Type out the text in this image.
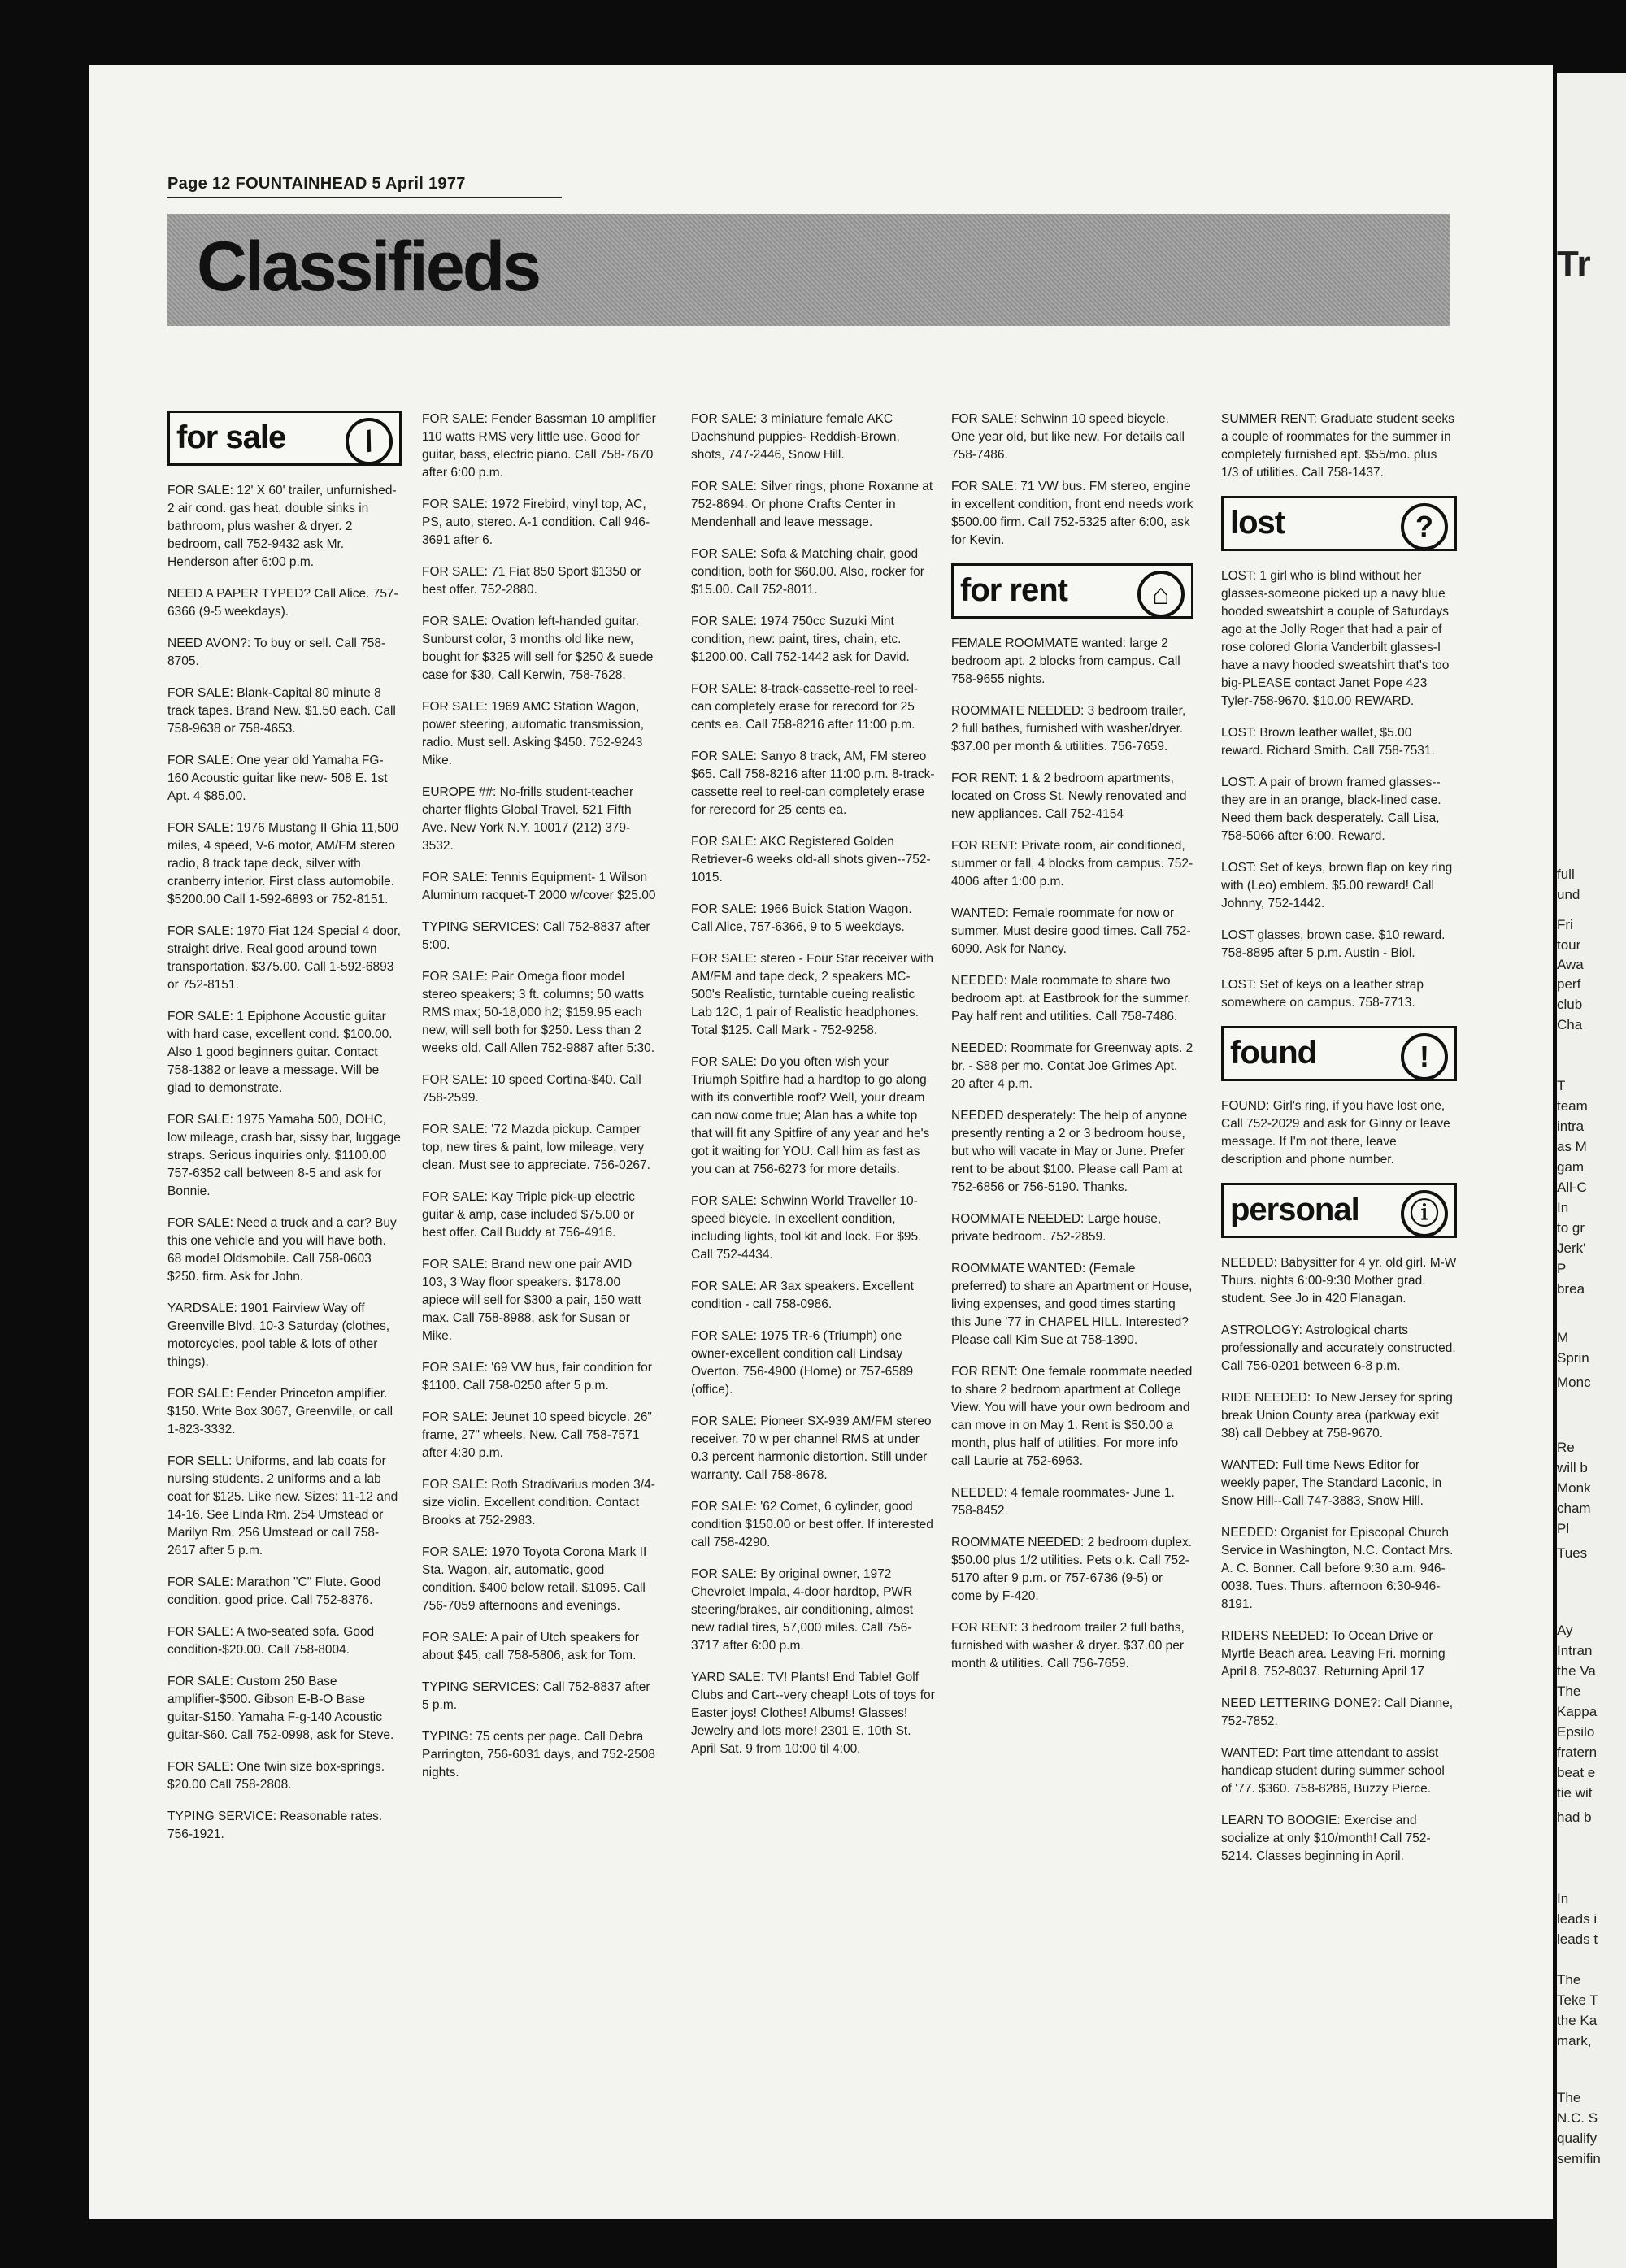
Page 12 FOUNTAINHEAD 5 April 1977
Classifieds
for sale	/

FOR SALE: 12' X 60' trailer, unfurnished- 2 air cond. gas heat, double sinks in bathroom, plus washer & dryer. 2 bedroom, call 752-9432 ask Mr. Henderson after 6:00 p.m.

NEED A PAPER TYPED? Call Alice. 757-6366 (9-5 weekdays).

NEED AVON?: To buy or sell. Call 758-8705.

FOR SALE: Blank-Capital 80 minute 8 track tapes. Brand New. $1.50 each. Call 758-9638 or 758-4653.

FOR SALE: One year old Yamaha FG-160 Acoustic guitar like new- 508 E. 1st Apt. 4 $85.00.

FOR SALE: 1976 Mustang II Ghia 11,500 miles, 4 speed, V-6 motor, AM/FM stereo radio, 8 track tape deck, silver with cranberry interior. First class automobile. $5200.00 Call 1-592-6893 or 752-8151.

FOR SALE: 1970 Fiat 124 Special 4 door, straight drive. Real good around town transportation. $375.00. Call 1-592-6893 or 752-8151.

FOR SALE: 1 Epiphone Acoustic guitar with hard case, excellent cond. $100.00. Also 1 good beginners guitar. Contact 758-1382 or leave a message. Will be glad to demonstrate.

FOR SALE: 1975 Yamaha 500, DOHC, low mileage, crash bar, sissy bar, luggage straps. Serious inquiries only. $1100.00 757-6352 call between 8-5 and ask for Bonnie.

FOR SALE: Need a truck and a car? Buy this one vehicle and you will have both. 68 model Oldsmobile. Call 758-0603 $250. firm. Ask for John.

YARDSALE: 1901 Fairview Way off Greenville Blvd. 10-3 Saturday (clothes, motorcycles, pool table & lots of other things).

FOR SALE: Fender Princeton amplifier. $150. Write Box 3067, Greenville, or call 1-823-3332.

FOR SELL: Uniforms, and lab coats for nursing students. 2 uniforms and a lab coat for $125. Like new. Sizes: 11-12 and 14-16. See Linda Rm. 254 Umstead or Marilyn Rm. 256 Umstead or call 758-2617 after 5 p.m.

FOR SALE: Marathon "C" Flute. Good condition, good price. Call 752-8376.

FOR SALE: A two-seated sofa. Good condition-$20.00. Call 758-8004.

FOR SALE: Custom 250 Base amplifier-$500. Gibson E-B-O Base guitar-$150. Yamaha F-g-140 Acoustic guitar-$60. Call 752-0998, ask for Steve.

FOR SALE: One twin size box-springs. $20.00 Call 758-2808.

TYPING SERVICE: Reasonable rates. 756-1921.

FOR SALE: Fender Bassman 10 amplifier 110 watts RMS very little use. Good for guitar, bass, electric piano. Call 758-7670 after 6:00 p.m.

FOR SALE: 1972 Firebird, vinyl top, AC, PS, auto, stereo. A-1 condition. Call 946-3691 after 6.

FOR SALE: 71 Fiat 850 Sport $1350 or best offer. 752-2880.

FOR SALE: Ovation left-handed guitar. Sunburst color, 3 months old like new, bought for $325 will sell for $250 & suede case for $30. Call Kerwin, 758-7628.

FOR SALE: 1969 AMC Station Wagon, power steering, automatic transmission, radio. Must sell. Asking $450. 752-9243 Mike.

EUROPE ##: No-frills student-teacher charter flights Global Travel. 521 Fifth Ave. New York N.Y. 10017 (212) 379-3532.

FOR SALE: Tennis Equipment- 1 Wilson Aluminum racquet-T 2000 w/cover $25.00

TYPING SERVICES: Call 752-8837 after 5:00.

FOR SALE: Pair Omega floor model stereo speakers; 3 ft. columns; 50 watts RMS max; 50-18,000 h2; $159.95 each new, will sell both for $250. Less than 2 weeks old. Call Allen 752-9887 after 5:30.

FOR SALE: 10 speed Cortina-$40. Call 758-2599.

FOR SALE: '72 Mazda pickup. Camper top, new tires & paint, low mileage, very clean. Must see to appreciate. 756-0267.

FOR SALE: Kay Triple pick-up electric guitar & amp, case included $75.00 or best offer. Call Buddy at 756-4916.

FOR SALE: Brand new one pair AVID 103, 3 Way floor speakers. $178.00 apiece will sell for $300 a pair, 150 watt max. Call 758-8988, ask for Susan or Mike.

FOR SALE: '69 VW bus, fair condition for $1100. Call 758-0250 after 5 p.m.

FOR SALE: Jeunet 10 speed bicycle. 26" frame, 27" wheels. New. Call 758-7571 after 4:30 p.m.

FOR SALE: Roth Stradivarius moden 3/4-size violin. Excellent condition. Contact Brooks at 752-2983.

FOR SALE: 1970 Toyota Corona Mark II Sta. Wagon, air, automatic, good condition. $400 below retail. $1095. Call 756-7059 afternoons and evenings.

FOR SALE: A pair of Utch speakers for about $45, call 758-5806, ask for Tom.

TYPING SERVICES: Call 752-8837 after 5 p.m.

TYPING: 75 cents per page. Call Debra Parrington, 756-6031 days, and 752-2508 nights.

FOR SALE: 3 miniature female AKC Dachshund puppies- Reddish-Brown, shots, 747-2446, Snow Hill.

FOR SALE: Silver rings, phone Roxanne at 752-8694. Or phone Crafts Center in Mendenhall and leave message.

FOR SALE: Sofa & Matching chair, good condition, both for $60.00. Also, rocker for $15.00. Call 752-8011.

FOR SALE: 1974 750cc Suzuki Mint condition, new: paint, tires, chain, etc. $1200.00. Call 752-1442 ask for David.

FOR SALE: 8-track-cassette-reel to reel-can completely erase for rerecord for 25 cents ea. Call 758-8216 after 11:00 p.m.

FOR SALE: Sanyo 8 track, AM, FM stereo $65. Call 758-8216 after 11:00 p.m. 8-track-cassette reel to reel-can completely erase for rerecord for 25 cents ea.

FOR SALE: AKC Registered Golden Retriever-6 weeks old-all shots given--752-1015.

FOR SALE: 1966 Buick Station Wagon. Call Alice, 757-6366, 9 to 5 weekdays.

FOR SALE: stereo - Four Star receiver with AM/FM and tape deck, 2 speakers MC-500's Realistic, turntable cueing realistic Lab 12C, 1 pair of Realistic headphones. Total $125. Call Mark - 752-9258.

FOR SALE: Do you often wish your Triumph Spitfire had a hardtop to go along with its convertible roof? Well, your dream can now come true; Alan has a white top that will fit any Spitfire of any year and he's got it waiting for YOU. Call him as fast as you can at 756-6273 for more details.

FOR SALE: Schwinn World Traveller 10-speed bicycle. In excellent condition, including lights, tool kit and lock. For $95. Call 752-4434.

FOR SALE: AR 3ax speakers. Excellent condition - call 758-0986.

FOR SALE: 1975 TR-6 (Triumph) one owner-excellent condition call Lindsay Overton. 756-4900 (Home) or 757-6589 (office).

FOR SALE: Pioneer SX-939 AM/FM stereo receiver. 70 w per channel RMS at under 0.3 percent harmonic distortion. Still under warranty. Call 758-8678.

FOR SALE: '62 Comet, 6 cylinder, good condition $150.00 or best offer. If interested call 758-4290.

FOR SALE: By original owner, 1972 Chevrolet Impala, 4-door hardtop, PWR steering/brakes, air conditioning, almost new radial tires, 57,000 miles. Call 756-3717 after 6:00 p.m.

YARD SALE: TV! Plants! End Table! Golf Clubs and Cart--very cheap! Lots of toys for Easter joys! Clothes! Albums! Glasses! Jewelry and lots more! 2301 E. 10th St. April Sat. 9 from 10:00 til 4:00.

FOR SALE: Schwinn 10 speed bicycle. One year old, but like new. For details call 758-7486.

FOR SALE: 71 VW bus. FM stereo, engine in excellent condition, front end needs work $500.00 firm. Call 752-5325 after 6:00, ask for Kevin.

for rent	⌂

FEMALE ROOMMATE wanted: large 2 bedroom apt. 2 blocks from campus. Call 758-9655 nights.

ROOMMATE NEEDED: 3 bedroom trailer, 2 full bathes, furnished with washer/dryer. $37.00 per month & utilities. 756-7659.

FOR RENT: 1 & 2 bedroom apartments, located on Cross St. Newly renovated and new appliances. Call 752-4154

FOR RENT: Private room, air conditioned, summer or fall, 4 blocks from campus. 752-4006 after 1:00 p.m.

WANTED: Female roommate for now or summer. Must desire good times. Call 752-6090. Ask for Nancy.

NEEDED: Male roommate to share two bedroom apt. at Eastbrook for the summer. Pay half rent and utilities. Call 758-7486.

NEEDED: Roommate for Greenway apts. 2 br. - $88 per mo. Contat Joe Grimes Apt. 20 after 4 p.m.

NEEDED desperately: The help of anyone presently renting a 2 or 3 bedroom house, but who will vacate in May or June. Prefer rent to be about $100. Please call Pam at 752-6856 or 756-5190. Thanks.

ROOMMATE NEEDED: Large house, private bedroom. 752-2859.

ROOMMATE WANTED: (Female preferred) to share an Apartment or House, living expenses, and good times starting this June '77 in CHAPEL HILL. Interested? Please call Kim Sue at 758-1390.

FOR RENT: One female roommate needed to share 2 bedroom apartment at College View. You will have your own bedroom and can move in on May 1. Rent is $50.00 a month, plus half of utilities. For more info call Laurie at 752-6963.

NEEDED: 4 female roommates- June 1. 758-8452.

ROOMMATE NEEDED: 2 bedroom duplex. $50.00 plus 1/2 utilities. Pets o.k. Call 752-5170 after 9 p.m. or 757-6736 (9-5) or come by F-420.

FOR RENT: 3 bedroom trailer 2 full baths, furnished with washer & dryer. $37.00 per month & utilities. Call 756-7659.

SUMMER RENT: Graduate student seeks a couple of roommates for the summer in completely furnished apt. $55/mo. plus 1/3 of utilities. Call 758-1437.

lost	?

LOST: 1 girl who is blind without her glasses-someone picked up a navy blue hooded sweatshirt a couple of Saturdays ago at the Jolly Roger that had a pair of rose colored Gloria Vanderbilt glasses-I have a navy hooded sweatshirt that's too big-PLEASE contact Janet Pope 423 Tyler-758-9670. $10.00 REWARD.

LOST: Brown leather wallet, $5.00 reward. Richard Smith. Call 758-7531.

LOST: A pair of brown framed glasses--they are in an orange, black-lined case. Need them back desperately. Call Lisa, 758-5066 after 6:00. Reward.

LOST: Set of keys, brown flap on key ring with (Leo) emblem. $5.00 reward! Call Johnny, 752-1442.

LOST glasses, brown case. $10 reward. 758-8895 after 5 p.m. Austin - Biol.

LOST: Set of keys on a leather strap somewhere on campus. 758-7713.

found	!

FOUND: Girl's ring, if you have lost one, Call 752-2029 and ask for Ginny or leave message. If I'm not there, leave description and phone number.

personal	ⓘ

NEEDED: Babysitter for 4 yr. old girl. M-W Thurs. nights 6:00-9:30 Mother grad. student. See Jo in 420 Flanagan.

ASTROLOGY: Astrological charts professionally and accurately constructed. Call 756-0201 between 6-8 p.m.

RIDE NEEDED: To New Jersey for spring break Union County area (parkway exit 38) call Debbey at 758-9670.

WANTED: Full time News Editor for weekly paper, The Standard Laconic, in Snow Hill--Call 747-3883, Snow Hill.

NEEDED: Organist for Episcopal Church Service in Washington, N.C. Contact Mrs. A. C. Bonner. Call before 9:30 a.m. 946-0038. Tues. Thurs. afternoon 6:30-946-8191.

RIDERS NEEDED: To Ocean Drive or Myrtle Beach area. Leaving Fri. morning April 8. 752-8037. Returning April 17

NEED LETTERING DONE?: Call Dianne, 752-7852.

WANTED: Part time attendant to assist handicap student during summer school of '77. $360. 758-8286, Buzzy Pierce.

LEARN TO BOOGIE: Exercise and socialize at only $10/month! Call 752-5214. Classes beginning in April.

Tr
full
und
Fri
tour
Awa
perf
club
Cha
T
team
intra
as M
gam
All-C
In
to gr
Jerk'
P
brea
M
Sprin
Monc
Re
will b
Monk
cham
Pl
Tues
Ay
Intran
the Va
The
Kappa
Epsilo
fratern
beat e
tie wit
had b
In
leads i
leads t
The
Teke T
the Ka
mark,
The
N.C. S
qualify
semifin
